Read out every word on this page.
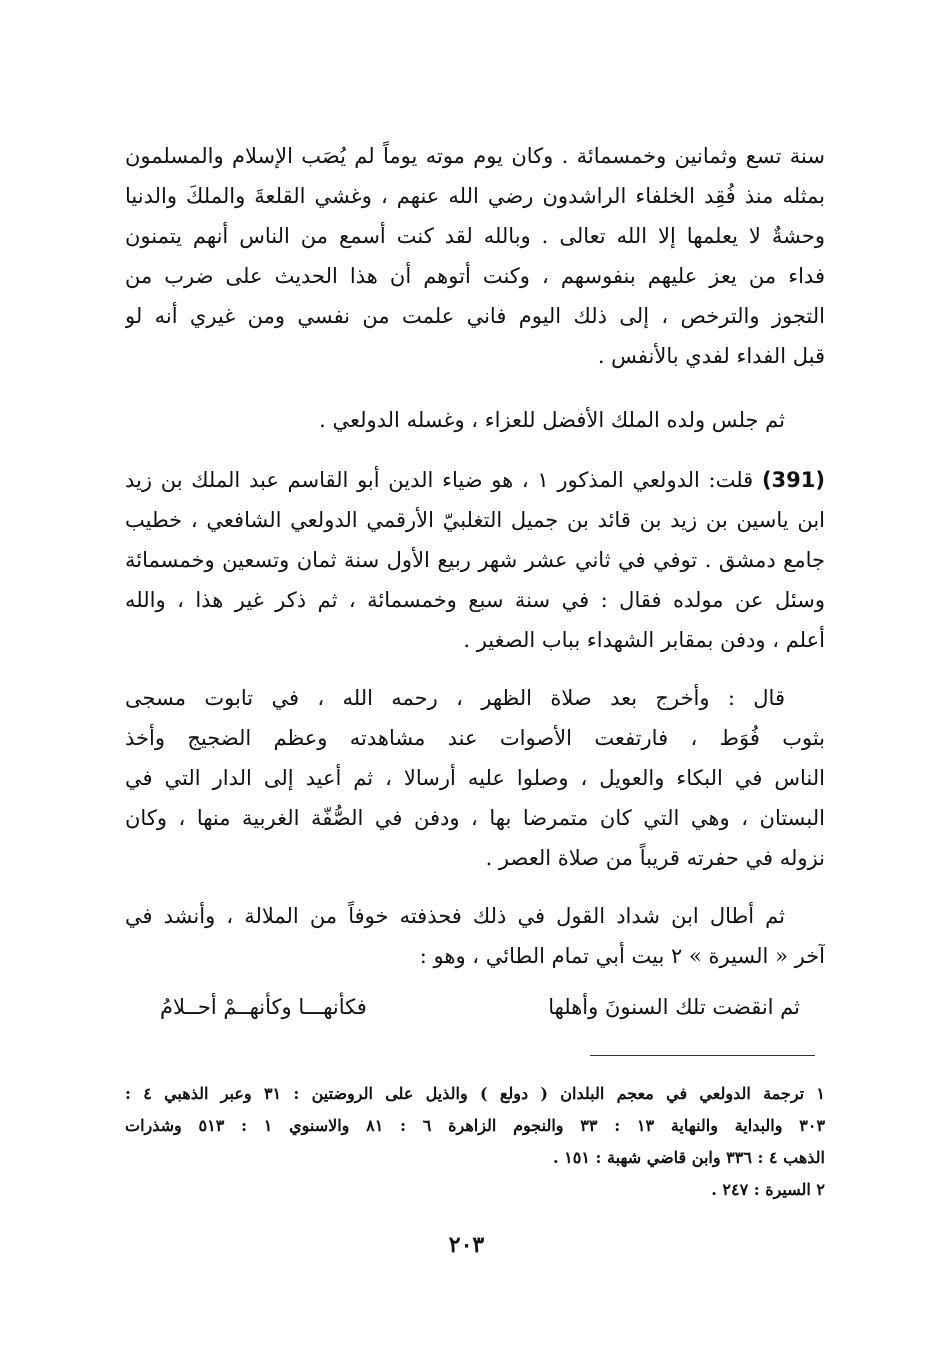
سنة تسع وثمانين وخمسمائة . وكان يوم موته يوماً لم يُصَب الإسلام والمسلمون
بمثله منذ فُقِد الخلفاء الراشدون رضي الله عنهم ، وغشي القلعةَ والملكَ والدنيا
وحشةٌ لا يعلمها إلا الله تعالى . وبالله لقد كنت أسمع من الناس أنهم يتمنون
فداء من يعز عليهم بنفوسهم ، وكنت أتوهم أن هذا الحديث على ضرب من
التجوز والترخص ، إلى ذلك اليوم فاني علمت من نفسي ومن غيري أنه لو
قبل الفداء لفدي بالأنفس .
ثم جلس ولده الملك الأفضل للعزاء ، وغسله الدولعي .
(391) قلت: الدولعي المذكور ١ ، هو ضياء الدين أبو القاسم عبد الملك بن زيد
ابن ياسين بن زيد بن قائد بن جميل التغلبيّ الأرقمي الدولعي الشافعي ، خطيب
جامع دمشق . توفي في ثاني عشر شهر ربيع الأول سنة ثمان وتسعين وخمسمائة
وسئل عن مولده فقال : في سنة سبع وخمسمائة ، ثم ذكر غير هذا ، والله
أعلم ، ودفن بمقابر الشهداء بباب الصغير .
قال : وأخرج بعد صلاة الظهر ، رحمه الله ، في تابوت مسجى
بثوب فُوَط ، فارتفعت الأصوات عند مشاهدته وعظم الضجيج وأخذ
الناس في البكاء والعويل ، وصلوا عليه أرسالا ، ثم أعيد إلى الدار التي في
البستان ، وهي التي كان متمرضا بها ، ودفن في الصُّفّة الغربية منها ، وكان
نزوله في حفرته قريباً من صلاة العصر .
ثم أطال ابن شداد القول في ذلك فحذفته خوفاً من الملالة ، وأنشد في
آخر « السيرة » ٢ بيت أبي تمام الطائي ، وهو :
ثم انقضت تلك السنونَ وأهلها
فكأنهـــا وكأنهــمْ أحــلامُ
١ ترجمة الدولعي في معجم البلدان ( دولع ) والذيل على الروضتين : ٣١ وعبر الذهبي ٤ :
٣٠٣ والبداية والنهاية ١٣ : ٣٣ والنجوم الزاهرة ٦ : ٨١ والاسنوي ١ : ٥١٣ وشذرات
الذهب ٤ : ٣٣٦ وابن قاضي شهبة : ١٥١ .
٢ السيرة : ٢٤٧ .
٢٠٣
